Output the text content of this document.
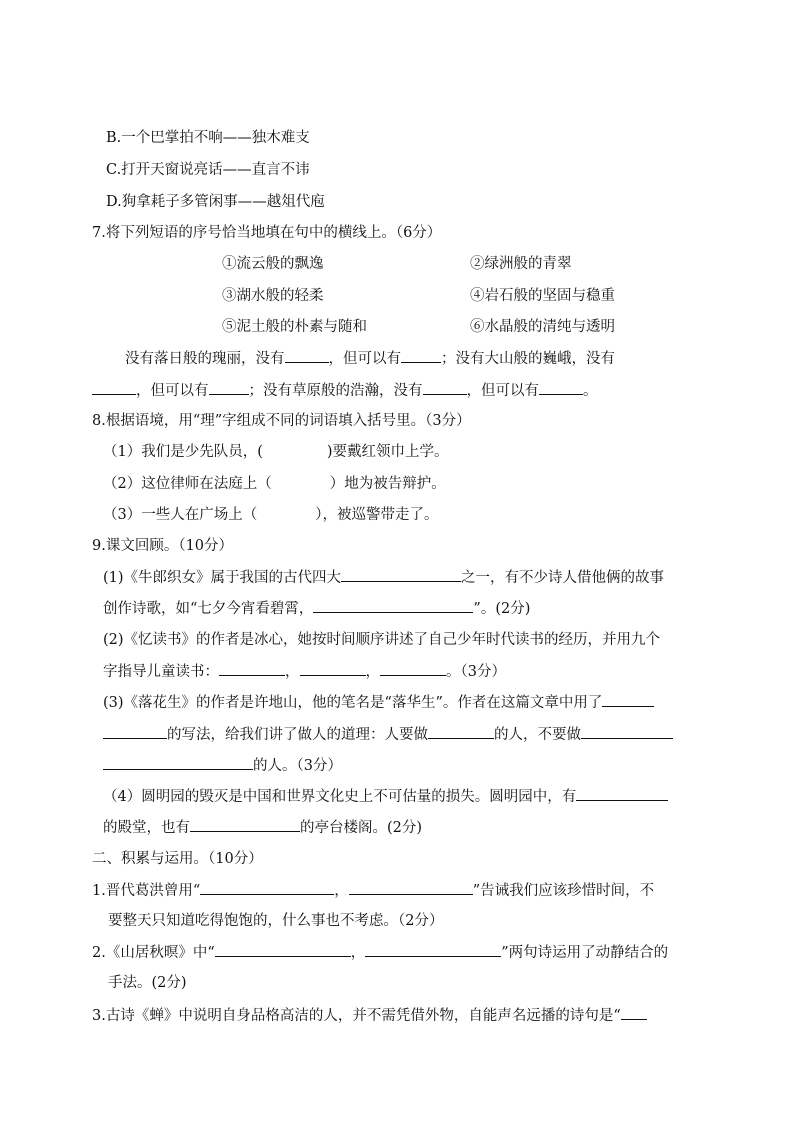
B.一个巴掌拍不响——独木难支
C.打开天窗说亮话——直言不讳
D.狗拿耗子多管闲事——越俎代庖
7.将下列短语的序号恰当地填在句中的横线上。（6分）
①流云般的飘逸	②绿洲般的青翠
③湖水般的轻柔	④岩石般的坚固与稳重
⑤泥土般的朴素与随和	⑥水晶般的清纯与透明
没有落日般的瑰丽，没有	，但可以有	；没有大山般的巍峨，没有
，但可以有	；没有草原般的浩瀚，没有	，但可以有	。
8.根据语境，用“理”字组成不同的词语填入括号里。（3分）
（1）我们是少先队员，(	)要戴红领巾上学。
（2）这位律师在法庭上（	）地为被告辩护。
（3）一些人在广场上（	），被巡警带走了。
9.课文回顾。（10分）
(1)《牛郎织女》属于我国的古代四大	之一，有不少诗人借他俩的故事
创作诗歌，如“七夕今宵看碧霄，	”。(2分)
(2)《忆读书》的作者是冰心，她按时间顺序讲述了自己少年时代读书的经历，并用九个
字指导儿童读书：	，	，	。（3分）
(3)《落花生》的作者是许地山，他的笔名是“落华生”。作者在这篇文章中用了
的写法，给我们讲了做人的道理：人要做	的人，不要做
的人。（3分）
（4）圆明园的毁灭是中国和世界文化史上不可估量的损失。圆明园中，有
的殿堂，也有	的亭台楼阁。(2分)
二、积累与运用。（10分）
1.晋代葛洪曾用“	，	”告诫我们应该珍惜时间，不
要整天只知道吃得饱饱的，什么事也不考虑。（2分）
2.《山居秋暝》中“	，	”两句诗运用了动静结合的
手法。(2分)
3.古诗《蝉》中说明自身品格高洁的人，并不需凭借外物，自能声名远播的诗句是“
